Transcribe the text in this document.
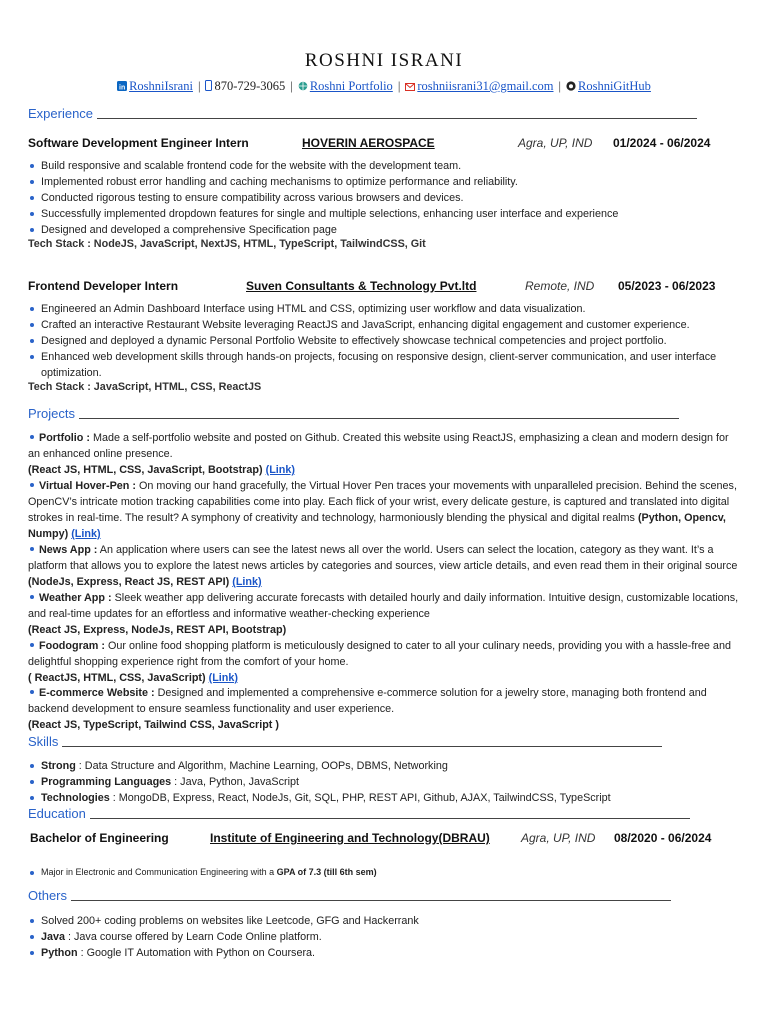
ROSHNI ISRANI
in RoshniIsrani | 870-729-3065 | Roshni Portfolio | roshniisrani31@gmail.com | RoshniGitHub
Experience
Software Development Engineer Intern	HOVERIN AEROSPACE	Agra, UP, IND 01/2024 - 06/2024
Build responsive and scalable frontend code for the website with the development team.
Implemented robust error handling and caching mechanisms to optimize performance and reliability.
Conducted rigorous testing to ensure compatibility across various browsers and devices.
Successfully implemented dropdown features for single and multiple selections, enhancing user interface and experience
Designed and developed a comprehensive Specification page
Tech Stack : NodeJS, JavaScript, NextJS, HTML, TypeScript, TailwindCSS, Git
Frontend Developer Intern	Suven Consultants & Technology Pvt.ltd	Remote, IND 05/2023 - 06/2023
Engineered an Admin Dashboard Interface using HTML and CSS, optimizing user workflow and data visualization.
Crafted an interactive Restaurant Website leveraging ReactJS and JavaScript, enhancing digital engagement and customer experience.
Designed and deployed a dynamic Personal Portfolio Website to effectively showcase technical competencies and project portfolio.
Enhanced web development skills through hands-on projects, focusing on responsive design, client-server communication, and user interface optimization.
Tech Stack : JavaScript, HTML, CSS, ReactJS
Projects
Portfolio : Made a self-portfolio website and posted on Github. Created this website using ReactJS, emphasizing a clean and modern design for an enhanced online presence.
(React JS, HTML, CSS, JavaScript, Bootstrap) (Link)
Virtual Hover-Pen : On moving our hand gracefully, the Virtual Hover Pen traces your movements with unparalleled precision. Behind the scenes, OpenCV’s intricate motion tracking capabilities come into play. Each flick of your wrist, every delicate gesture, is captured and translated into digital strokes in real-time. The result? A symphony of creativity and technology, harmoniously blending the physical and digital realms (Python, Opencv, Numpy) (Link)
News App : An application where users can see the latest news all over the world. Users can select the location, category as they want. It’s a platform that allows you to explore the latest news articles by categories and sources, view article details, and even read them in their original source (NodeJs, Express, React JS, REST API) (Link)
Weather App : Sleek weather app delivering accurate forecasts with detailed hourly and daily information. Intuitive design, customizable locations, and real-time updates for an effortless and informative weather-checking experience
(React JS, Express, NodeJs, REST API, Bootstrap)
Foodogram : Our online food shopping platform is meticulously designed to cater to all your culinary needs, providing you with a hassle-free and delightful shopping experience right from the comfort of your home.
( ReactJS, HTML, CSS, JavaScript) (Link)
E-commerce Website : Designed and implemented a comprehensive e-commerce solution for a jewelry store, managing both frontend and backend development to ensure seamless functionality and user experience.
(React JS, TypeScript, Tailwind CSS, JavaScript )
Skills
Strong : Data Structure and Algorithm, Machine Learning, OOPs, DBMS, Networking
Programming Languages : Java, Python, JavaScript
Technologies : MongoDB, Express, React, NodeJs, Git, SQL, PHP, REST API, Github, AJAX, TailwindCSS, TypeScript
Education
Bachelor of Engineering	Institute of Engineering and Technology(DBRAU)	Agra, UP, IND 08/2020 - 06/2024
Major in Electronic and Communication Engineering with a GPA of 7.3 (till 6th sem)
Others
Solved 200+ coding problems on websites like Leetcode, GFG and Hackerrank
Java : Java course offered by Learn Code Online platform.
Python : Google IT Automation with Python on Coursera.
